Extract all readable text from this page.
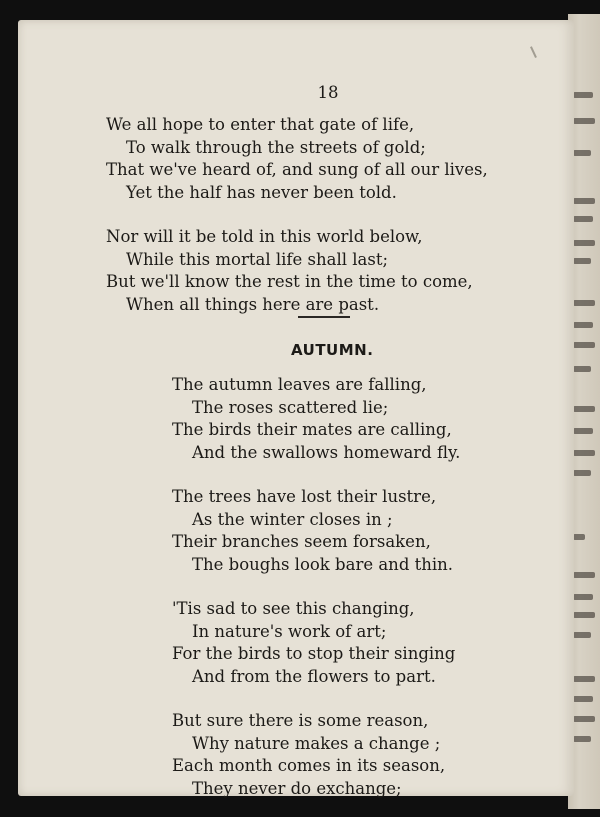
18
We all hope to enter that gate of life,
To walk through the streets of gold;
That we've heard of, and sung of all our lives,
Yet the half has never been told.
Nor will it be told in this world below,
While this mortal life shall last;
But we'll know the rest in the time to come,
When all things here are past.
AUTUMN.
The autumn leaves are falling,
The roses scattered lie;
The birds their mates are calling,
And the swallows homeward fly.
The trees have lost their lustre,
As the winter closes in ;
Their branches seem forsaken,
The boughs look bare and thin.
'Tis sad to see this changing,
In nature's work of art;
For the birds to stop their singing
And from the flowers to part.
But sure there is some reason,
Why nature makes a change ;
Each month comes in its season,
They never do exchange;
